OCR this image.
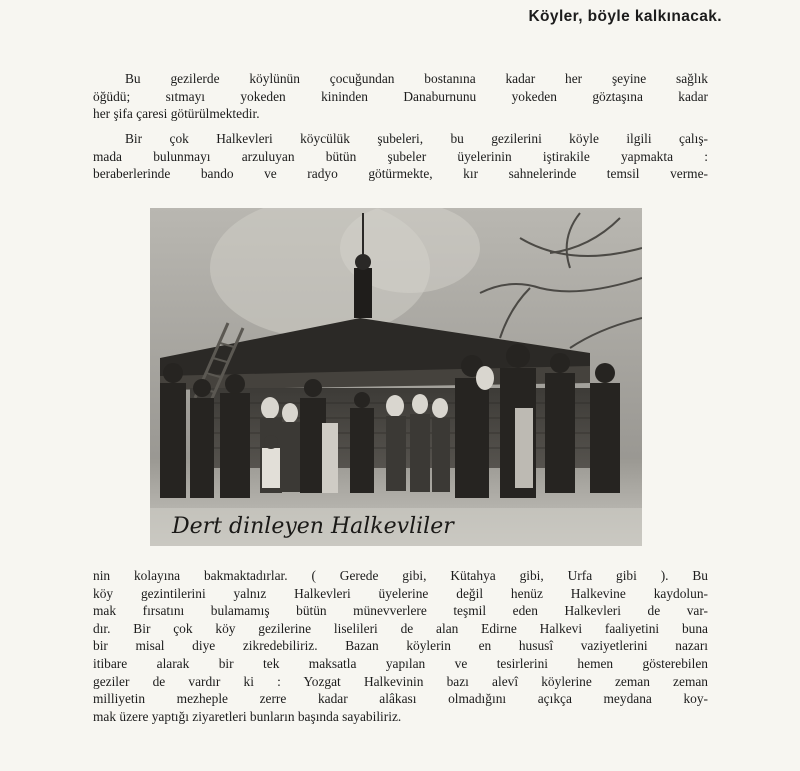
Köyler, böyle kalkınacak.
Bu gezilerde köylünün çocuğundan bostanına kadar her şeyine sağlık
öğüdü; sıtmayı yokeden kininden Danaburnunu yokeden göztaşına kadar
her şifa çaresi götürülmektedir.
Bir çok Halkevleri köycülük şubeleri, bu gezilerini köyle ilgili çalış-
mada bulunmayı arzuluyan bütün şubeler üyelerinin iştirakile yapmakta :
beraberlerinde bando ve radyo götürmekte, kır sahnelerinde temsil verme-
Dert dinleyen Halkevliler
nin kolayına bakmaktadırlar. ( Gerede gibi, Kütahya gibi, Urfa gibi ). Bu
köy gezintilerini yalnız Halkevleri üyelerine değil henüz Halkevine kaydolun-
mak fırsatını bulamamış bütün münevverlere teşmil eden Halkevleri de var-
dır. Bir çok köy gezilerine liselileri de alan Edirne Halkevi faaliyetini buna
bir misal diye zikredebiliriz. Bazan köylerin en hususî vaziyetlerini nazarı
itibare alarak bir tek maksatla yapılan ve tesirlerini hemen gösterebilen
geziler de vardır ki : Yozgat Halkevinin bazı alevî köylerine zeman zeman
milliyetin mezheple zerre kadar alâkası olmadığını açıkça meydana koy-
mak üzere yaptığı ziyaretleri bunların başında sayabiliriz.
